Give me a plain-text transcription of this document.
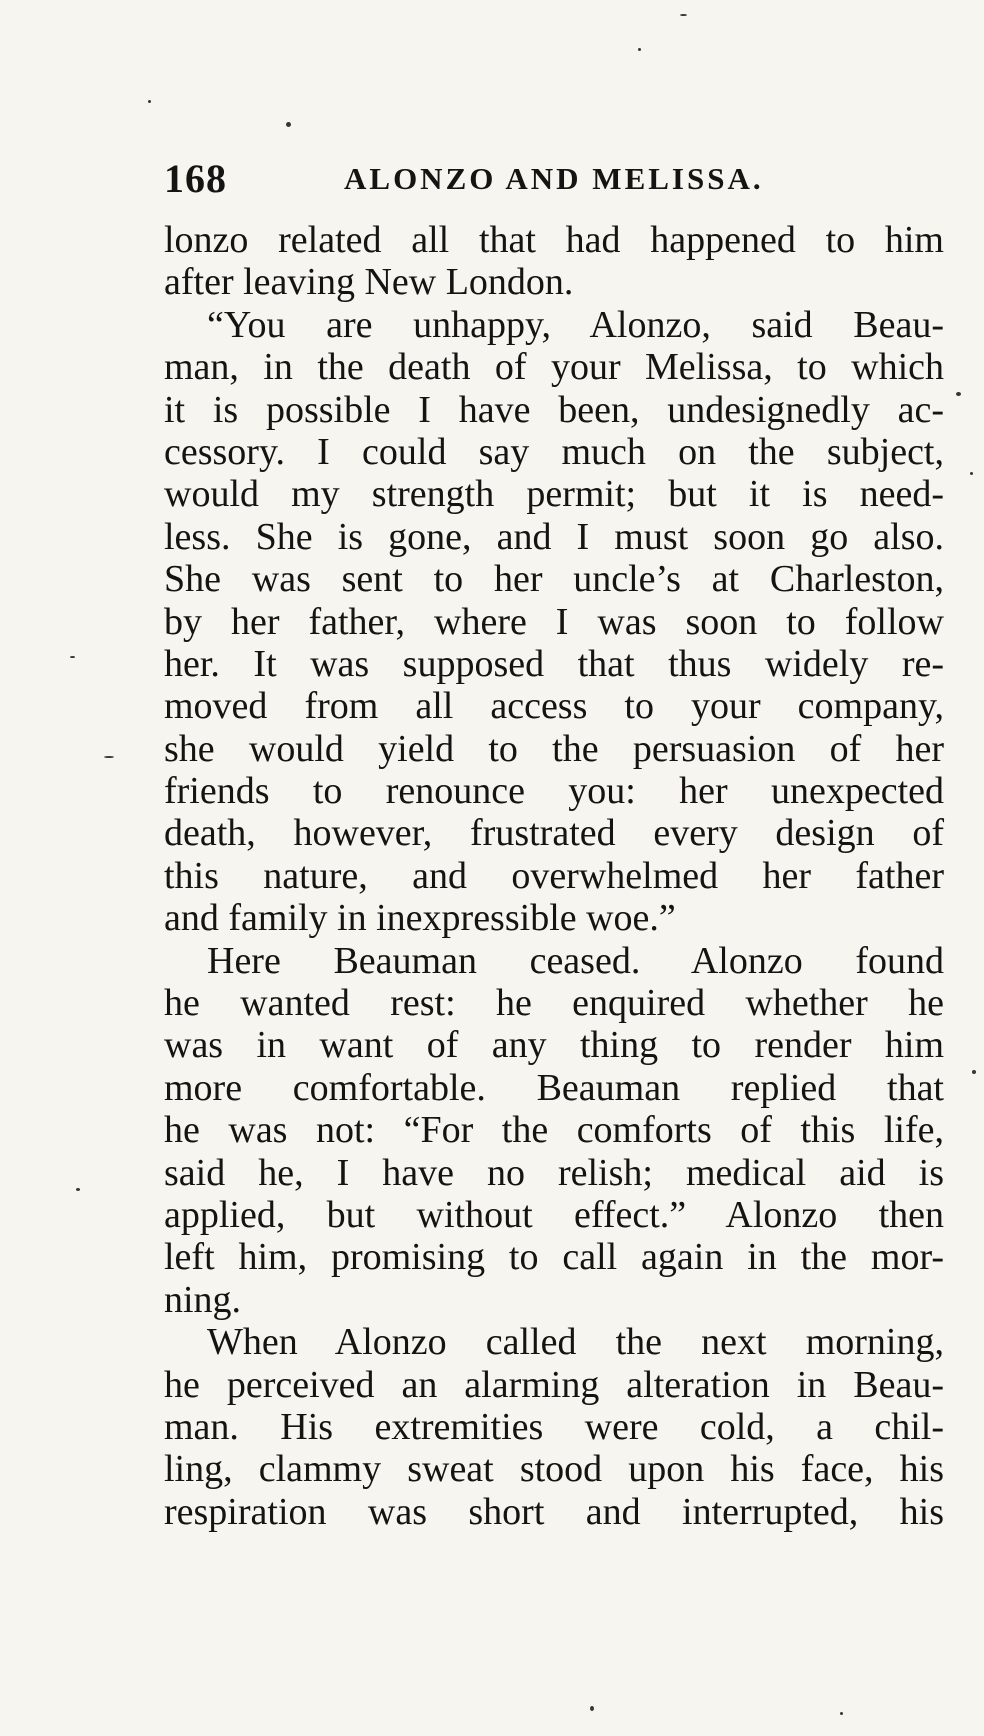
168	ALONZO AND MELISSA.
lonzo related all that had happened to him
after leaving New London.
“You are unhappy, Alonzo, said Beau-
man, in the death of your Melissa, to which
it is possible I have been, undesignedly ac-
cessory. I could say much on the subject,
would my strength permit; but it is need-
less. She is gone, and I must soon go also.
She was sent to her uncle’s at Charleston,
by her father, where I was soon to follow
her. It was supposed that thus widely re-
moved from all access to your company,
she would yield to the persuasion of her
friends to renounce you: her unexpected
death, however, frustrated every design of
this nature, and overwhelmed her father
and family in inexpressible woe.”
Here Beauman ceased. Alonzo found
he wanted rest: he enquired whether he
was in want of any thing to render him
more comfortable. Beauman replied that
he was not: “For the comforts of this life,
said he, I have no relish; medical aid is
applied, but without effect.” Alonzo then
left him, promising to call again in the mor-
ning.
When Alonzo called the next morning,
he perceived an alarming alteration in Beau-
man. His extremities were cold, a chil-
ling, clammy sweat stood upon his face, his
respiration was short and interrupted, his
